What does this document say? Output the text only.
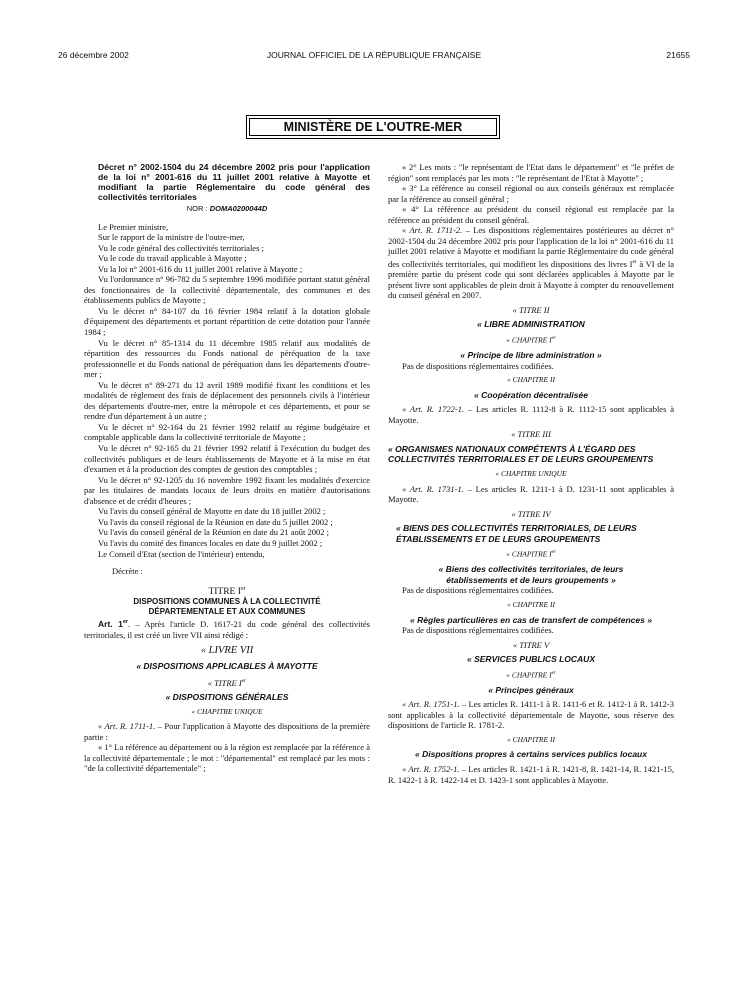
26 décembre 2002	JOURNAL OFFICIEL DE LA RÉPUBLIQUE FRANÇAISE	21655
MINISTÈRE DE L'OUTRE-MER

Décret n° 2002-1504 du 24 décembre 2002 pris pour l'application de la loi n° 2001-616 du 11 juillet 2001 relative à Mayotte et modifiant la partie Réglementaire du code général des collectivités territoriales

NOR : DOMA0200044D

Le Premier ministre,

Sur le rapport de la ministre de l'outre-mer,

Vu le code général des collectivités territoriales ;

Vu le code du travail applicable à Mayotte ;

Vu la loi n° 2001-616 du 11 juillet 2001 relative à Mayotte ;

Vu l'ordonnance n° 96-782 du 5 septembre 1996 modifiée portant statut général des fonctionnaires de la collectivité départementale, des communes et des établissements publics de Mayotte ;

Vu le décret n° 84-107 du 16 février 1984 relatif à la dotation globale d'équipement des départements et portant répartition de cette dotation pour l'année 1984 ;

Vu le décret n° 85-1314 du 11 décembre 1985 relatif aux modalités de répartition des ressources du Fonds national de péréquation de la taxe professionnelle et du Fonds national de péréquation dans les départements d'outre-mer ;

Vu le décret n° 89-271 du 12 avril 1989 modifié fixant les conditions et les modalités de règlement des frais de déplacement des personnels civils à l'intérieur des départements d'outre-mer, entre la métropole et ces départements, et pour se rendre d'un département à un autre ;

Vu le décret n° 92-164 du 21 février 1992 relatif au régime budgétaire et comptable applicable dans la collectivité territoriale de Mayotte ;

Vu le décret n° 92-165 du 21 février 1992 relatif à l'exécution du budget des collectivités publiques et de leurs établissements de Mayotte et à la mise en état d'examen et à la production des comptes de gestion des comptables ;

Vu le décret n° 92-1205 du 16 novembre 1992 fixant les modalités d'exercice par les titulaires de mandats locaux de leurs droits en matière d'autorisations d'absence et de crédit d'heures ;

Vu l'avis du conseil général de Mayotte en date du 18 juillet 2002 ;

Vu l'avis du conseil régional de la Réunion en date du 5 juillet 2002 ;

Vu l'avis du conseil général de la Réunion en date du 21 août 2002 ;

Vu l'avis du comité des finances locales en date du 9 juillet 2002 ;

Le Conseil d'Etat (section de l'intérieur) entendu,

Décrète :

TITRE Ier

DISPOSITIONS COMMUNES À LA COLLECTIVITÉ DÉPARTEMENTALE ET AUX COMMUNES

Art. 1er. – Après l'article D. 1617-21 du code général des collectivités territoriales, il est créé un livre VII ainsi rédigé :

« LIVRE VII

« DISPOSITIONS APPLICABLES À MAYOTTE

« TITRE Ier

« DISPOSITIONS GÉNÉRALES

« CHAPITRE UNIQUE

« Art. R. 1711-1. – Pour l'application à Mayotte des dispositions de la première partie :

« 1° La référence au département ou à la région est remplacée par la référence à la collectivité départementale ; le mot : "départemental" est remplacé par les mots : "de la collectivité départementale" ;

« 2° Les mots : "le représentant de l'Etat dans le département" et "le préfet de région" sont remplacés par les mots : "le représentant de l'Etat à Mayotte" ;

« 3° La référence au conseil régional ou aux conseils généraux est remplacée par la référence au conseil général ;

« 4° La référence au président du conseil régional est remplacée par la référence au président du conseil général.

« Art. R. 1711-2. – Les dispositions réglementaires postérieures au décret n° 2002-1504 du 24 décembre 2002 pris pour l'application de la loi n° 2001-616 du 11 juillet 2001 relative à Mayotte et modifiant la partie Réglementaire du code général des collectivités territoriales, qui modifient les dispositions des livres Ier à VI de la première partie du présent code qui sont déclarées applicables à Mayotte par le présent livre sont applicables de plein droit à Mayotte à compter du renouvellement du conseil général en 2007.

« TITRE II

« LIBRE ADMINISTRATION

« CHAPITRE Ier

« Principe de libre administration »

Pas de dispositions réglementaires codifiées.

« CHAPITRE II

« Coopération décentralisée

« Art. R. 1722-1. – Les articles R. 1112-8 à R. 1112-15 sont applicables à Mayotte.

« TITRE III

« ORGANISMES NATIONAUX COMPÉTENTS À L'ÉGARD DES COLLECTIVITÉS TERRITORIALES ET DE LEURS GROUPEMENTS

« CHAPITRE UNIQUE

« Art. R. 1731-1. – Les articles R. 1211-1 à D. 1231-11 sont applicables à Mayotte.

« TITRE IV

« BIENS DES COLLECTIVITÉS TERRITORIALES, DE LEURS ÉTABLISSEMENTS ET DE LEURS GROUPEMENTS

« CHAPITRE Ier

« Biens des collectivités territoriales, de leurs établissements et de leurs groupements »

Pas de dispositions réglementaires codifiées.

« CHAPITRE II

« Règles particulières en cas de transfert de compétences »

Pas de dispositions réglementaires codifiées.

« TITRE V

« SERVICES PUBLICS LOCAUX

« CHAPITRE Ier

« Principes généraux

« Art. R. 1751-1. – Les articles R. 1411-1 à R. 1411-6 et R. 1412-1 à R. 1412-3 sont applicables à la collectivité départementale de Mayotte, sous réserve des dispositions de l'article R. 1781-2.

« CHAPITRE II

« Dispositions propres à certains services publics locaux

« Art. R. 1752-1. – Les articles R. 1421-1 à R. 1421-8, R. 1421-14, R. 1421-15, R. 1422-1 à R. 1422-14 et D. 1423-1 sont applicables à Mayotte.
